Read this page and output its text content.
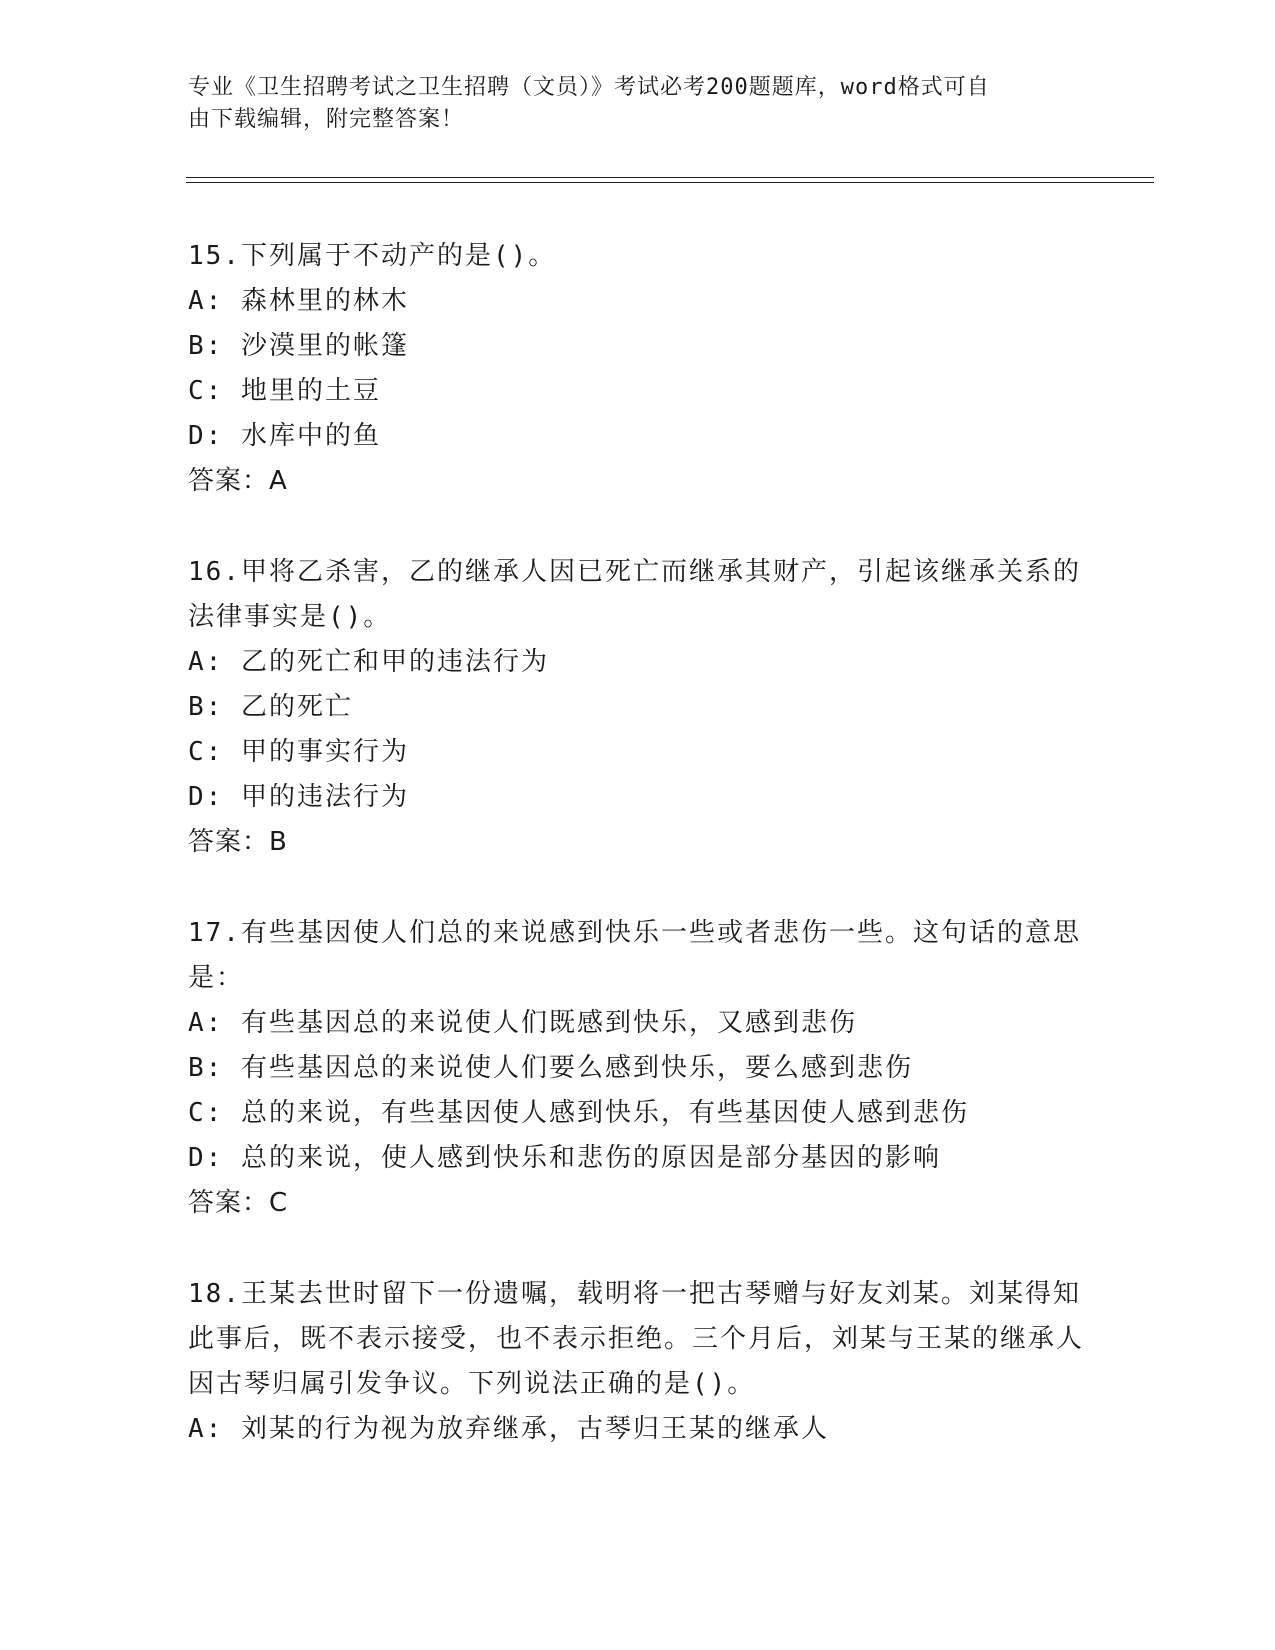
专业《卫生招聘考试之卫生招聘（文员）》考试必考200题题库，word格式可自
由下载编辑，附完整答案！
15.下列属于不动产的是()。
A: 森林里的林木
B: 沙漠里的帐篷
C: 地里的土豆
D: 水库中的鱼
答案：A
16.甲将乙杀害，乙的继承人因已死亡而继承其财产，引起该继承关系的法律事实是()。
A: 乙的死亡和甲的违法行为
B: 乙的死亡
C: 甲的事实行为
D: 甲的违法行为
答案：B
17.有些基因使人们总的来说感到快乐一些或者悲伤一些。这句话的意思是：
A: 有些基因总的来说使人们既感到快乐，又感到悲伤
B: 有些基因总的来说使人们要么感到快乐，要么感到悲伤
C: 总的来说，有些基因使人感到快乐，有些基因使人感到悲伤
D: 总的来说，使人感到快乐和悲伤的原因是部分基因的影响
答案：C
18.王某去世时留下一份遗嘱，载明将一把古琴赠与好友刘某。刘某得知此事后，既不表示接受，也不表示拒绝。三个月后，刘某与王某的继承人因古琴归属引发争议。下列说法正确的是()。
A: 刘某的行为视为放弃继承，古琴归王某的继承人
